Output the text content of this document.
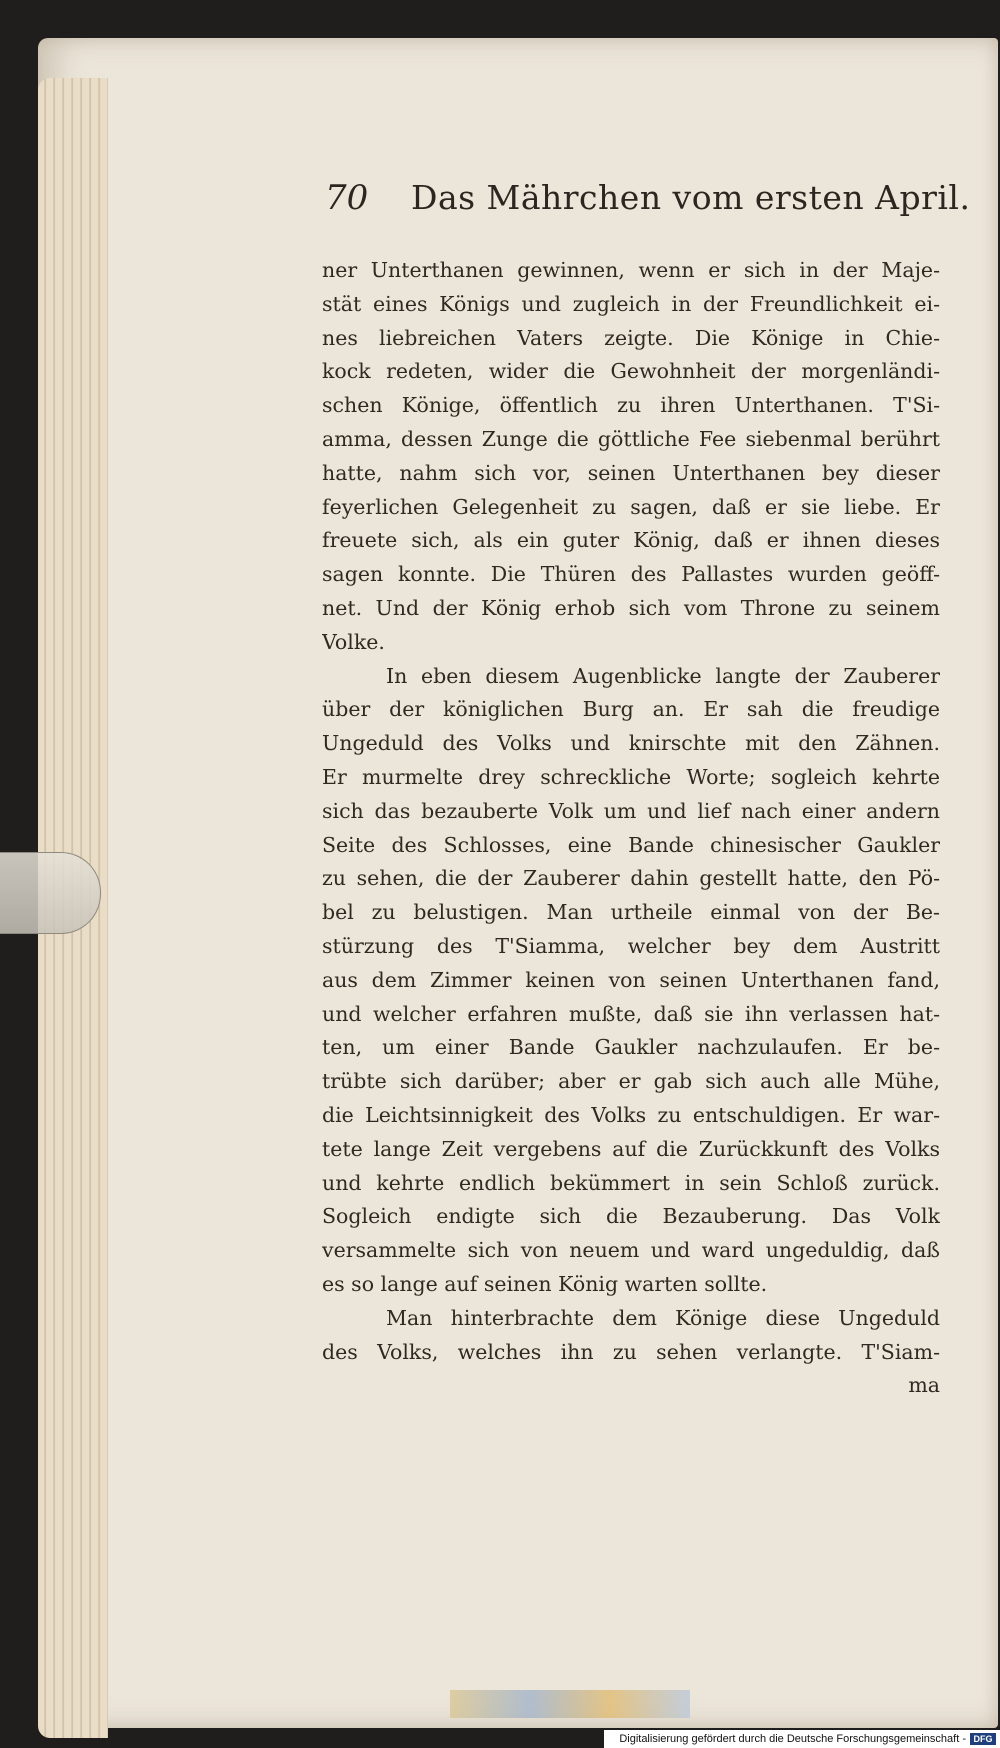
70 Das Mährchen vom ersten April.
ner Unterthanen gewinnen, wenn er sich in der Maje-
stät eines Königs und zugleich in der Freundlichkeit ei-
nes liebreichen Vaters zeigte. Die Könige in Chie-
kock redeten, wider die Gewohnheit der morgenländi-
schen Könige, öffentlich zu ihren Unterthanen. T'Si-
amma, dessen Zunge die göttliche Fee siebenmal berührt
hatte, nahm sich vor, seinen Unterthanen bey dieser
feyerlichen Gelegenheit zu sagen, daß er sie liebe. Er
freuete sich, als ein guter König, daß er ihnen dieses
sagen konnte. Die Thüren des Pallastes wurden geöff-
net. Und der König erhob sich vom Throne zu seinem
Volke.
In eben diesem Augenblicke langte der Zauberer
über der königlichen Burg an. Er sah die freudige
Ungeduld des Volks und knirschte mit den Zähnen.
Er murmelte drey schreckliche Worte; sogleich kehrte
sich das bezauberte Volk um und lief nach einer andern
Seite des Schlosses, eine Bande chinesischer Gaukler
zu sehen, die der Zauberer dahin gestellt hatte, den Pö-
bel zu belustigen. Man urtheile einmal von der Be-
stürzung des T'Siamma, welcher bey dem Austritt
aus dem Zimmer keinen von seinen Unterthanen fand,
und welcher erfahren mußte, daß sie ihn verlassen hat-
ten, um einer Bande Gaukler nachzulaufen. Er be-
trübte sich darüber; aber er gab sich auch alle Mühe,
die Leichtsinnigkeit des Volks zu entschuldigen. Er war-
tete lange Zeit vergebens auf die Zurückkunft des Volks
und kehrte endlich bekümmert in sein Schloß zurück.
Sogleich endigte sich die Bezauberung. Das Volk
versammelte sich von neuem und ward ungeduldig, daß
es so lange auf seinen König warten sollte.
Man hinterbrachte dem Könige diese Ungeduld
des Volks, welches ihn zu sehen verlangte. T'Siam-
ma
Digitalisierung gefördert durch die Deutsche Forschungsgemeinschaft - DFG
